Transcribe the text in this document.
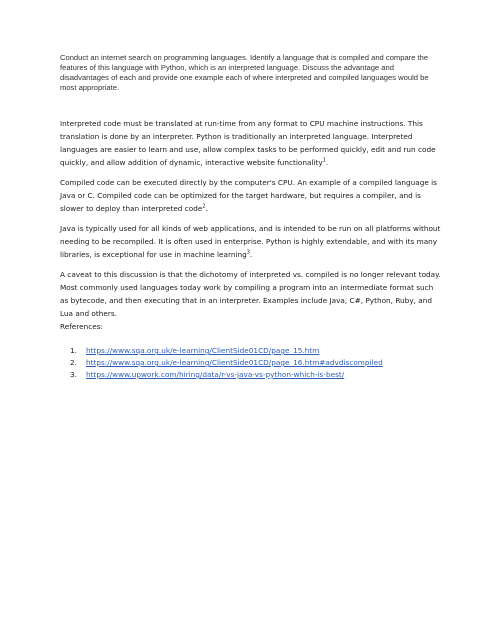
Conduct an internet search on programming languages. Identify a language that is compiled and compare the features of this language with Python, which is an interpreted language. Discuss the advantage and disadvantages of each and provide one example each of where interpreted and compiled languages would be most appropriate.

Interpreted code must be translated at run-time from any format to CPU machine instructions. This translation is done by an interpreter. Python is traditionally an interpreted language. Interpreted languages are easier to learn and use, allow complex tasks to be performed quickly, edit and run code quickly, and allow addition of dynamic, interactive website functionality$^1$.

Compiled code can be executed directly by the computer's CPU. An example of a compiled language is Java or C. Compiled code can be optimized for the target hardware, but requires a compiler, and is slower to deploy than interpreted code$^2$.

Java is typically used for all kinds of web applications, and is intended to be run on all platforms without needing to be recompiled. It is often used in enterprise. Python is highly extendable, and with its many libraries, is exceptional for use in machine learning$^3$.

A caveat to this discussion is that the dichotomy of interpreted vs. compiled is no longer relevant today. Most commonly used languages today work by compiling a program into an intermediate format such as bytecode, and then executing that in an interpreter. Examples include Java, C#, Python, Ruby, and Lua and others.

References:

1.	https://www.sqa.org.uk/e-learning/ClientSide01CD/page_15.htm
2.	https://www.sqa.org.uk/e-learning/ClientSide01CD/page_16.htm#advdiscompiled
3.	https://www.upwork.com/hiring/data/r-vs-java-vs-python-which-is-best/
